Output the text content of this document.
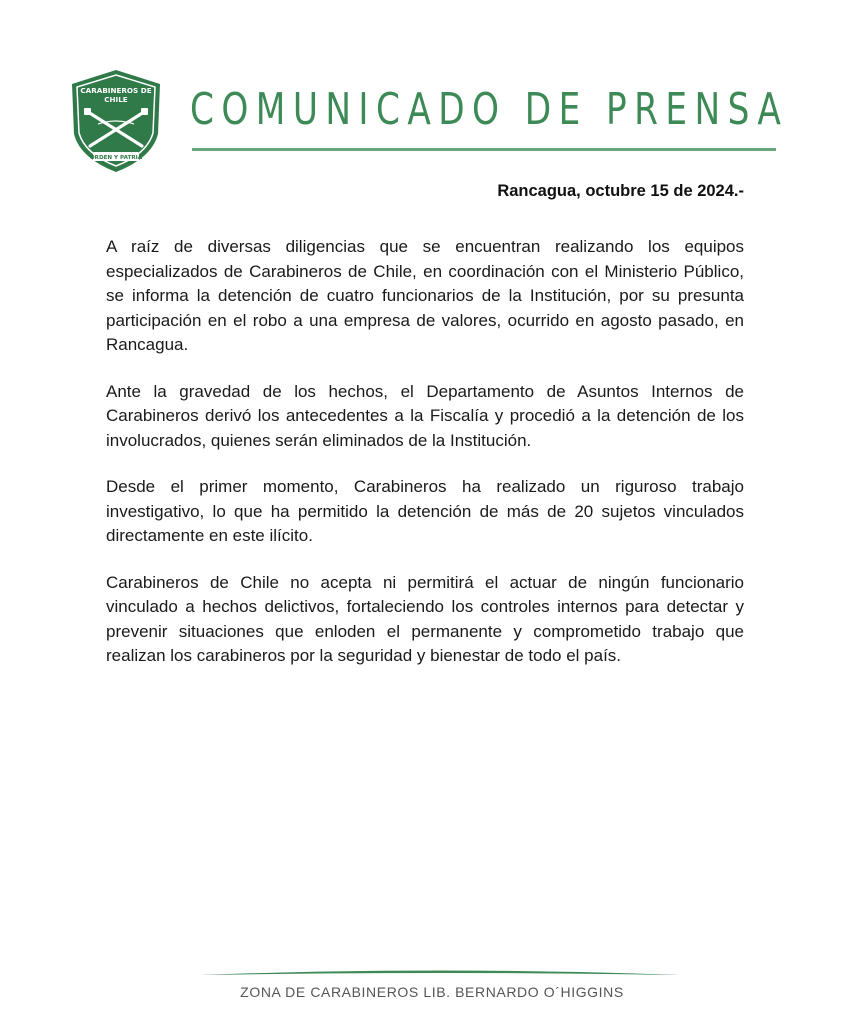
CARABINEROS DE
CHILE
ORDEN Y PATRIA
COMUNICADO DE PRENSA
Rancagua, octubre 15 de 2024.-

A raíz de diversas diligencias que se encuentran realizando los equipos especializados de Carabineros de Chile, en coordinación con el Ministerio Público, se informa la detención de cuatro funcionarios de la Institución, por su presunta participación en el robo a una empresa de valores, ocurrido en agosto pasado, en Rancagua.

Ante la gravedad de los hechos, el Departamento de Asuntos Internos de Carabineros derivó los antecedentes a la Fiscalía y procedió a la detención de los involucrados, quienes serán eliminados de la Institución.

Desde el primer momento, Carabineros ha realizado un riguroso trabajo investigativo, lo que ha permitido la detención de más de 20 sujetos vinculados directamente en este ilícito.

Carabineros de Chile no acepta ni permitirá el actuar de ningún funcionario vinculado a hechos delictivos, fortaleciendo los controles internos para detectar y prevenir situaciones que enloden el permanente y comprometido trabajo que realizan los carabineros por la seguridad y bienestar de todo el país.

ZONA DE CARABINEROS LIB. BERNARDO O´HIGGINS
